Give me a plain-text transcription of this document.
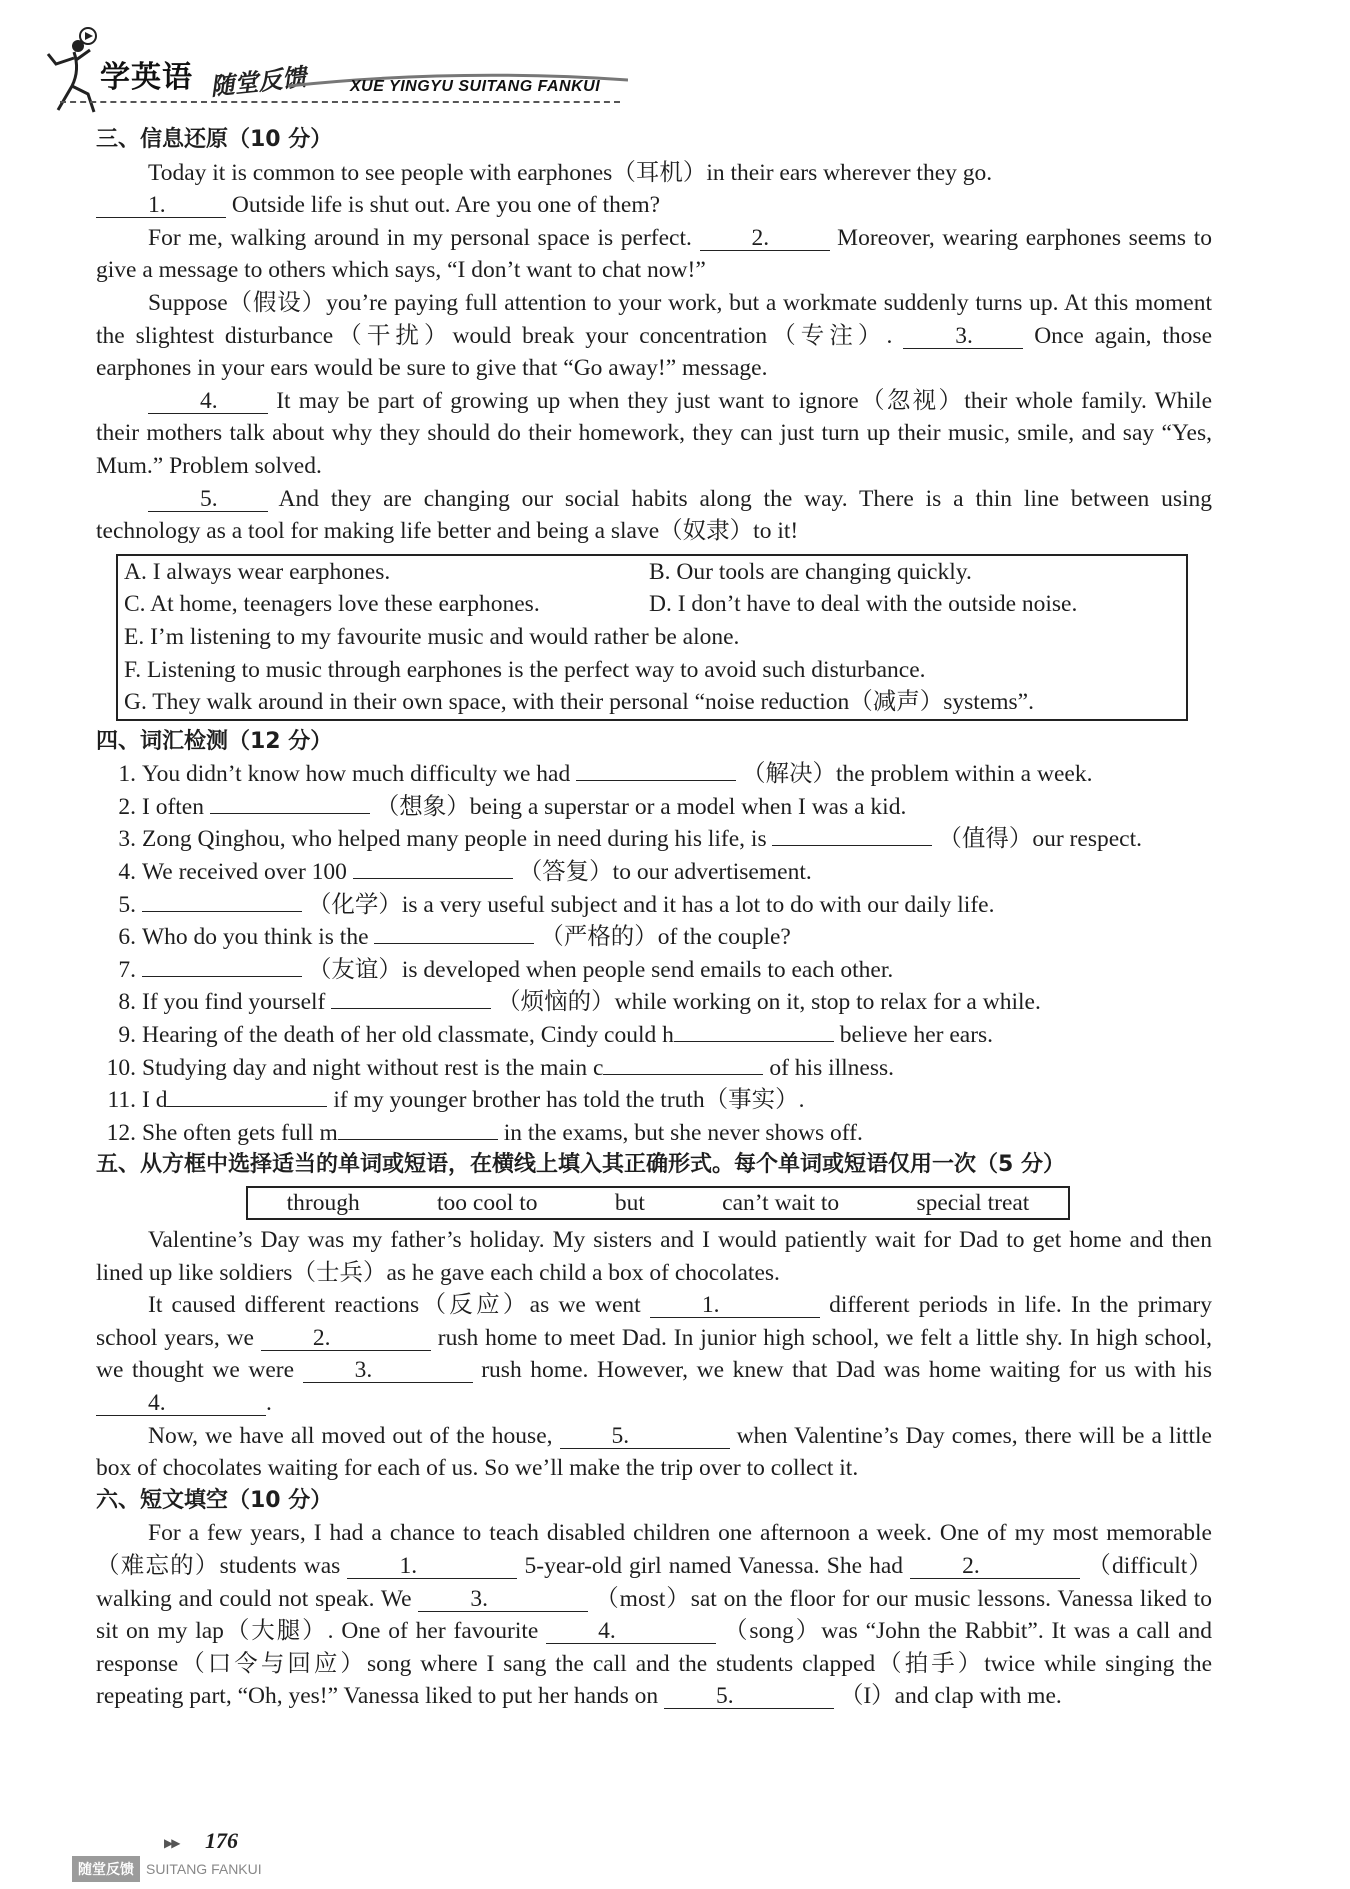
学英语 随堂反馈	XUE YINGYU SUITANG FANKUI
三、信息还原（10 分）

Today it is common to see people with earphones（耳机）in their ears wherever they go.
1.	Outside life is shut out. Are you one of them?

For me, walking around in my personal space is perfect. 2.	Moreover, wearing earphones seems to give a message to others which says, “I don’t want to chat now!”

Suppose（假设）you’re paying full attention to your work, but a workmate suddenly turns up. At this moment the slightest disturbance（干扰）would break your concentration（专注）. 3. Once again, those earphones in your ears would be sure to give that “Go away!” message.

4. It may be part of growing up when they just want to ignore（忽视）their whole family. While their mothers talk about why they should do their homework, they can just turn up their music, smile, and say “Yes, Mum.” Problem solved.

5. And they are changing our social habits along the way. There is a thin line between using technology as a tool for making life better and being a slave（奴隶）to it!

A. I always wear earphones.	B. Our tools are changing quickly.
C. At home, teenagers love these earphones.	D. I don’t have to deal with the outside noise.
E. I’m listening to my favourite music and would rather be alone.
F. Listening to music through earphones is the perfect way to avoid such disturbance.
G. They walk around in their own space, with their personal “noise reduction（减声）systems”.
四、词汇检测（12 分）
1. You didn’t know how much difficulty we had	（解决）the problem within a week.
2. I often	（想象）being a superstar or a model when I was a kid.
3. Zong Qinghou, who helped many people in need during his life, is	（值得）our respect.
4. We received over 100	（答复）to our advertisement.
5.	（化学）is a very useful subject and it has a lot to do with our daily life.
6. Who do you think is the	（严格的）of the couple?
7.	（友谊）is developed when people send emails to each other.
8. If you find yourself	（烦恼的）while working on it, stop to relax for a while.
9. Hearing of the death of her old classmate, Cindy could h	believe her ears.
10. Studying day and night without rest is the main c	of his illness.
11. I d	if my younger brother has told the truth（事实）.
12. She often gets full m	in the exams, but she never shows off.
五、从方框中选择适当的单词或短语，在横线上填入其正确形式。每个单词或短语仅用一次（5 分）
through	too cool to	but	can’t wait to	special treat

Valentine’s Day was my father’s holiday. My sisters and I would patiently wait for Dad to get home and then lined up like soldiers（士兵）as he gave each child a box of chocolates.

It caused different reactions（反应）as we went 1.	different periods in life. In the primary school years, we 2.	rush home to meet Dad. In junior high school, we felt a little shy. In high school, we thought we were 3.	rush home. However, we knew that Dad was home waiting for us with his 4.	.

Now, we have all moved out of the house, 5.	when Valentine’s Day comes, there will be a little box of chocolates waiting for each of us. So we’ll make the trip over to collect it.

六、短文填空（10 分）

For a few years, I had a chance to teach disabled children one afternoon a week. One of my most memorable（难忘的）students was 1.	5-year-old girl named Vanessa. She had 2.	（difficult）walking and could not speak. We 3.	（most）sat on the floor for our music lessons. Vanessa liked to sit on my lap（大腿）. One of her favourite 4.	（song）was “John the Rabbit”. It was a call and response（口令与回应）song where I sang the call and the students clapped（拍手）twice while singing the repeating part, “Oh, yes!” Vanessa liked to put her hands on 5.	（I）and clap with me.

▶▶ 176
随堂反馈 SUITANG FANKUI
